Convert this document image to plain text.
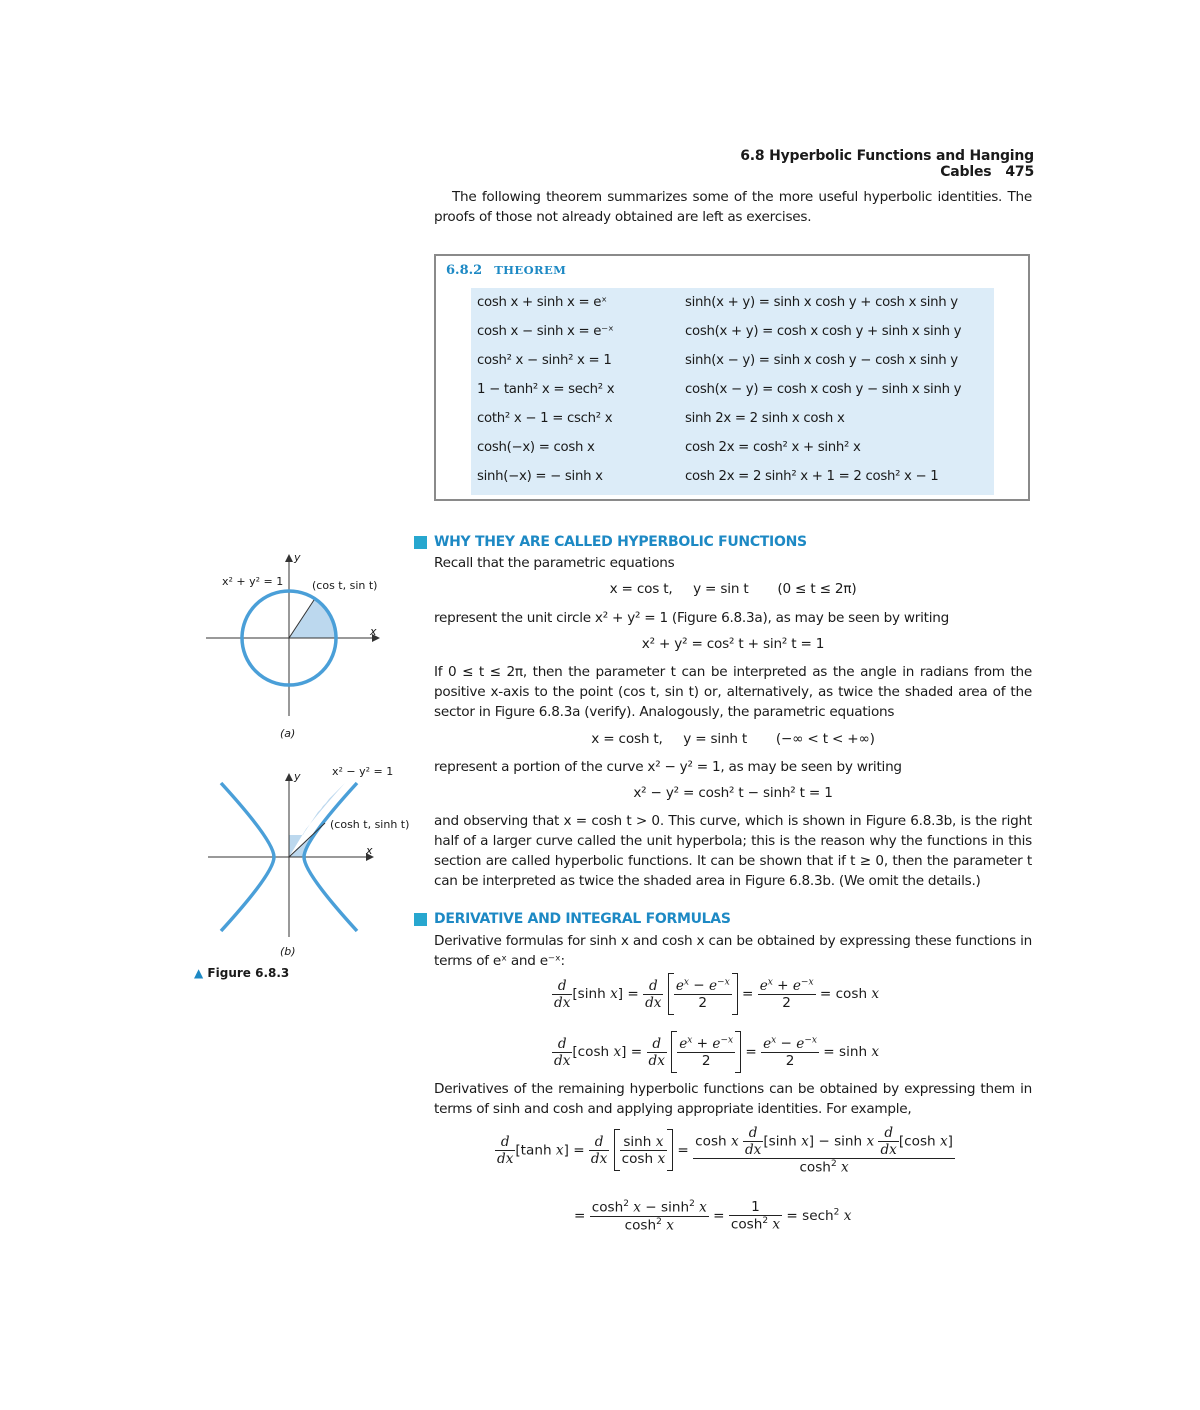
6.8 Hyperbolic Functions and Hanging Cables 475
The following theorem summarizes some of the more useful hyperbolic identities. The proofs of those not already obtained are left as exercises.
6.8.2 THEOREM
cosh x + sinh x = eˣ
cosh x − sinh x = e⁻ˣ
cosh² x − sinh² x = 1
1 − tanh² x = sech² x
coth² x − 1 = csch² x
cosh(−x) = cosh x
sinh(−x) = − sinh x
sinh(x + y) = sinh x cosh y + cosh x sinh y
cosh(x + y) = cosh x cosh y + sinh x sinh y
sinh(x − y) = sinh x cosh y − cosh x sinh y
cosh(x − y) = cosh x cosh y − sinh x sinh y
sinh 2x = 2 sinh x cosh x
cosh 2x = cosh² x + sinh² x
cosh 2x = 2 sinh² x + 1 = 2 cosh² x − 1
WHY THEY ARE CALLED HYPERBOLIC FUNCTIONS
Recall that the parametric equations
x = cos t,     y = sin t       (0 ≤ t ≤ 2π)
represent the unit circle x² + y² = 1 (Figure 6.8.3a), as may be seen by writing
x² + y² = cos² t + sin² t = 1
If 0 ≤ t ≤ 2π, then the parameter t can be interpreted as the angle in radians from the positive x-axis to the point (cos t, sin t) or, alternatively, as twice the shaded area of the sector in Figure 6.8.3a (verify). Analogously, the parametric equations
x = cosh t,     y = sinh t       (−∞ < t < +∞)
represent a portion of the curve x² − y² = 1, as may be seen by writing
x² − y² = cosh² t − sinh² t = 1
and observing that x = cosh t > 0. This curve, which is shown in Figure 6.8.3b, is the right half of a larger curve called the unit hyperbola; this is the reason why the functions in this section are called hyperbolic functions. It can be shown that if t ≥ 0, then the parameter t can be interpreted as twice the shaded area in Figure 6.8.3b. (We omit the details.)
DERIVATIVE AND INTEGRAL FORMULAS
Derivative formulas for sinh x and cosh x can be obtained by expressing these functions in terms of eˣ and e⁻ˣ:
$\frac{d}{dx} [\sinh$ $x] = \frac{d}{dx}$
$\frac{e^x - e^{-x}}{2} = \frac{e^x + e^{-x}}{2} = \cosh x$
$\frac{d}{dx} [\cosh$ $x] = \frac{d}{dx}$
$\frac{e^x + e^{-x}}{2} = \frac{e^x - e^{-x}}{2} = \sinh x$
Derivatives of the remaining hyperbolic functions can be obtained by expressing them in terms of sinh and cosh and applying appropriate identities. For example,
$\frac{d}{dx} [\tanh$ $x] = \frac{d}{dx}$
$\frac{\text{sinh x}}{\text{cosh x}} = \frac{\cosh x \frac{d}{dx} [\sinh x] - \sinh x \frac{d}{dx} [\cosh x]}{\cosh^2 x}$
= $\frac{\cosh^2 x - \sinh^2 x}{\cosh^2 x} = \frac{1}{\cosh^2 x} = \sec h^2$ x
y
x
x² + y² = 1	(cos t, sin t)
(a)
y
x
x² − y² = 1
(cosh t, sinh t)
(b)
▲ Figure 6.8.3
